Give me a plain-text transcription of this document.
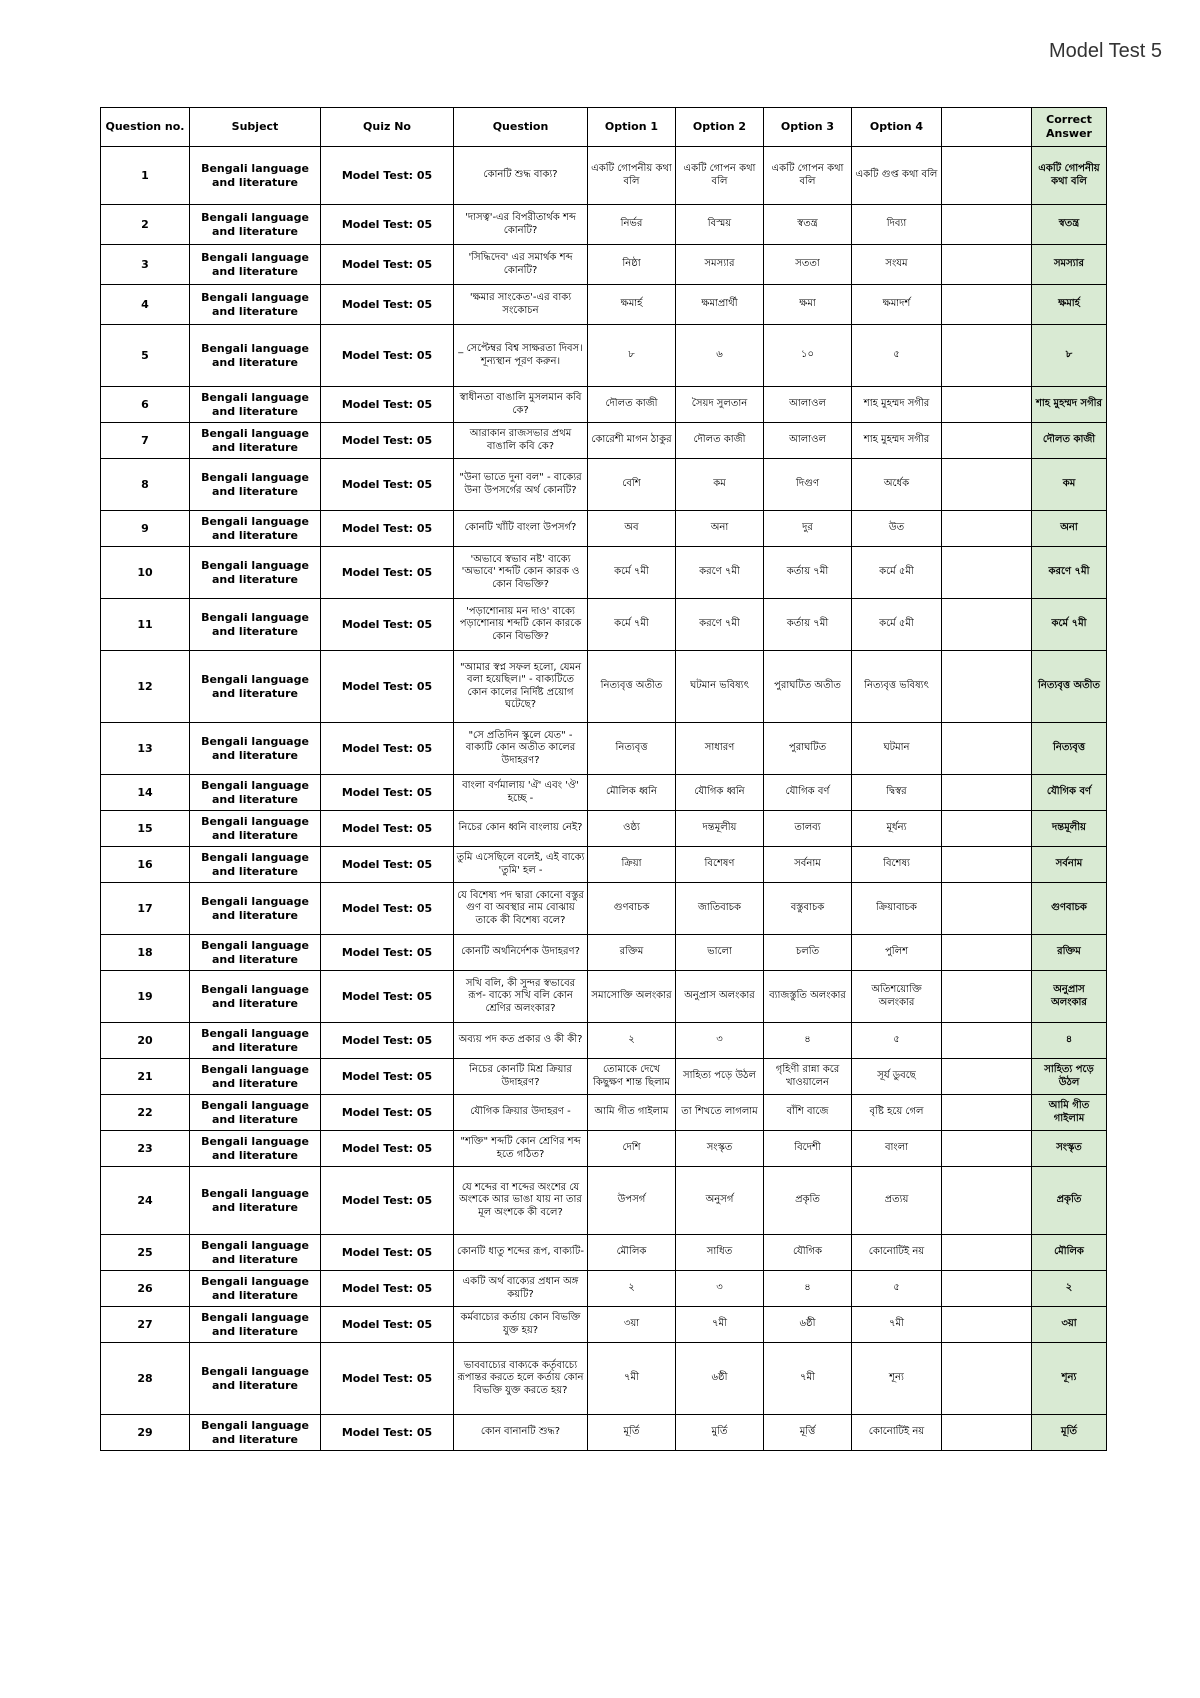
Model Test 5
Question no.	Subject	Quiz No	Question	Option 1	Option 2	Option 3	Option 4		Correct Answer
1	Bengali language and literature	Model Test: 05	কোনটি শুদ্ধ বাক্য?	একটি গোপনীয় কথা বলি	একটি গোপন কথা বলি	একটি গোপন কথা বলি	একটি গুপ্ত কথা বলি		একটি গোপনীয় কথা বলি
2	Bengali language and literature	Model Test: 05	'দাসত্ব'-এর বিপরীতার্থক শব্দ কোনটি?	নির্ভর	বিস্ময়	স্বতন্ত্র	দিব্যা		স্বতন্ত্র
3	Bengali language and literature	Model Test: 05	'সিদ্ধিদেব' এর সমার্থক শব্দ কোনটি?	নিষ্ঠা	সমস্যার	সততা	সংযম		সমস্যার
4	Bengali language and literature	Model Test: 05	'ক্ষমার সাংকেত'-এর বাক্য সংকোচন	ক্ষমার্হ	ক্ষমাপ্রার্থী	ক্ষমা	ক্ষমাদর্শ		ক্ষমার্হ
5	Bengali language and literature	Model Test: 05	_ সেপ্টেম্বর বিশ্ব সাক্ষরতা দিবস। শূন্যস্থান পূরণ করুন।	৮	৬	১০	৫		৮
6	Bengali language and literature	Model Test: 05	স্বাধীনতা বাঙালি মুসলমান কবি কে?	দৌলত কাজী	সৈয়দ সুলতান	আলাওল	শাহ মুহম্মদ সগীর		শাহ মুহম্মদ সগীর
7	Bengali language and literature	Model Test: 05	আরাকান রাজসভার প্রথম বাঙালি কবি কে?	কোরেশী মাগন ঠাকুর	দৌলত কাজী	আলাওল	শাহ মুহম্মদ সগীর		দৌলত কাজী
8	Bengali language and literature	Model Test: 05	"উনা ভাতে দুনা বল" - বাক্যের উনা উপসর্গের অর্থ কোনটি?	বেশি	কম	দিগুণ	অর্ধেক		কম
9	Bengali language and literature	Model Test: 05	কোনটি খাঁটি বাংলা উপসর্গ?	অব	অনা	দুর	উত		অনা
10	Bengali language and literature	Model Test: 05	'অভাবে স্বভাব নষ্ট' বাক্যে 'অভাবে' শব্দটি কোন কারক ও কোন বিভক্তি?	কর্মে ৭মী	করণে ৭মী	কর্তায় ৭মী	কর্মে ৫মী		করণে ৭মী
11	Bengali language and literature	Model Test: 05	'পড়াশোনায় মন দাও' বাক্যে পড়াশোনায় শব্দটি কোন কারকে কোন বিভক্তি?	কর্মে ৭মী	করণে ৭মী	কর্তায় ৭মী	কর্মে ৫মী		কর্মে ৭মী
12	Bengali language and literature	Model Test: 05	"আমার স্বপ্ন সফল হলো, যেমন বলা হয়েছিল।" - বাক্যটিতে কোন কালের নির্দিষ্ট প্রয়োগ ঘটেছে?	নিত্যবৃত্ত অতীত	ঘটমান ভবিষ্যৎ	পুরাঘটিত অতীত	নিত্যবৃত্ত ভবিষ্যৎ		নিত্যবৃত্ত অতীত
13	Bengali language and literature	Model Test: 05	"সে প্রতিদিন স্কুলে যেত" - বাক্যটি কোন অতীত কালের উদাহরণ?	নিত্যবৃত্ত	সাধারণ	পুরাঘটিত	ঘটমান		নিত্যবৃত্ত
14	Bengali language and literature	Model Test: 05	বাংলা বর্ণমালায় 'ঐ' এবং 'ঔ' হচ্ছে -	মৌলিক ধ্বনি	যৌগিক ধ্বনি	যৌগিক বর্ণ	দ্বিস্বর		যৌগিক বর্ণ
15	Bengali language and literature	Model Test: 05	নিচের কোন ধ্বনি বাংলায় নেই?	ওষ্ঠ্য	দন্তমূলীয়	তালব্য	মূর্ধন্য		দন্তমূলীয়
16	Bengali language and literature	Model Test: 05	তুমি এসেছিলে বলেই, এই বাক্যে 'তুমি' হল -	ক্রিয়া	বিশেষণ	সর্বনাম	বিশেষ্য		সর্বনাম
17	Bengali language and literature	Model Test: 05	যে বিশেষ্য পদ দ্বারা কোনো বস্তুর গুণ বা অবস্থার নাম বোঝায় তাকে কী বিশেষ্য বলে?	গুণবাচক	জাতিবাচক	বস্তুবাচক	ক্রিয়াবাচক		গুণবাচক
18	Bengali language and literature	Model Test: 05	কোনটি অর্থনির্দেশক উদাহরণ?	রক্তিম	ভালো	চলতি	পুলিশ		রক্তিম
19	Bengali language and literature	Model Test: 05	সখি বলি, কী সুন্দর স্বভাবের রূপ- বাক্যে সখি বলি কোন শ্রেণির অলংকার?	সমাসোক্তি অলংকার	অনুপ্রাস অলংকার	ব্যাজস্তুতি অলংকার	অতিশয়োক্তি অলংকার		অনুপ্রাস অলংকার
20	Bengali language and literature	Model Test: 05	অব্যয় পদ কত প্রকার ও কী কী?	২	৩	৪	৫		৪
21	Bengali language and literature	Model Test: 05	নিচের কোনটি মিশ্র ক্রিয়ার উদাহরণ?	তোমাকে দেখে কিছুক্ষণ শান্ত ছিলাম	সাহিত্য পড়ে উঠল	গৃহিণী রান্না করে খাওয়ালেন	সূর্য ডুবছে		সাহিত্য পড়ে উঠল
22	Bengali language and literature	Model Test: 05	যৌগিক ক্রিয়ার উদাহরণ -	আমি গীত গাইলাম	তা শিখতে লাগলাম	বাঁশি বাজে	বৃষ্টি হয়ে গেল		আমি গীত গাইলাম
23	Bengali language and literature	Model Test: 05	"শক্তি" শব্দটি কোন শ্রেণির শব্দ হতে গঠিত?	দেশি	সংস্কৃত	বিদেশী	বাংলা		সংস্কৃত
24	Bengali language and literature	Model Test: 05	যে শব্দের বা শব্দের অংশের যে অংশকে আর ভাঙা যায় না তার মূল অংশকে কী বলে?	উপসর্গ	অনুসর্গ	প্রকৃতি	প্রত্যয়		প্রকৃতি
25	Bengali language and literature	Model Test: 05	কোনটি ধাতু শব্দের রূপ, বাক্যটি-	মৌলিক	সাধিত	যৌগিক	কোনোটিই নয়		মৌলিক
26	Bengali language and literature	Model Test: 05	একটি অর্থ বাক্যের প্রধান অঙ্গ কয়টি?	২	৩	৪	৫		২
27	Bengali language and literature	Model Test: 05	কর্মবাচ্যের কর্তায় কোন বিভক্তি যুক্ত হয়?	৩য়া	৭মী	৬ষ্ঠী	৭মী		৩য়া
28	Bengali language and literature	Model Test: 05	ভাববাচ্যের বাক্যকে কর্তৃবাচ্যে রূপান্তর করতে হলে কর্তায় কোন বিভক্তি যুক্ত করতে হয়?	৭মী	৬ষ্ঠী	৭মী	শূন্য		শূন্য
29	Bengali language and literature	Model Test: 05	কোন বানানটি শুদ্ধ?	মূর্তি	মুর্তি	মূর্ত্তি	কোনোটিই নয়		মূর্তি
